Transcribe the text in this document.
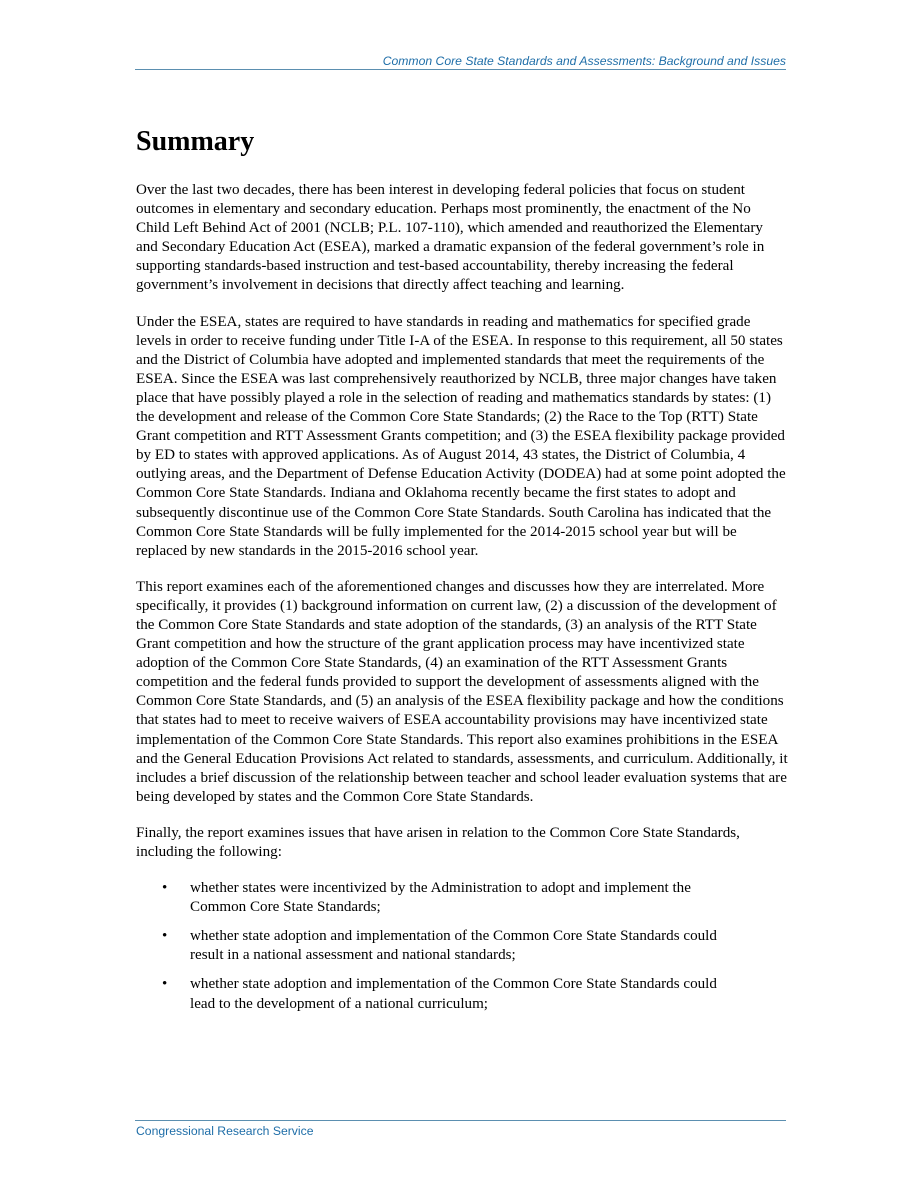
Common Core State Standards and Assessments: Background and Issues
Summary

Over the last two decades, there has been interest in developing federal policies that focus on student outcomes in elementary and secondary education. Perhaps most prominently, the enactment of the No Child Left Behind Act of 2001 (NCLB; P.L. 107-110), which amended and reauthorized the Elementary and Secondary Education Act (ESEA), marked a dramatic expansion of the federal government’s role in supporting standards-based instruction and test-based accountability, thereby increasing the federal government’s involvement in decisions that directly affect teaching and learning.

Under the ESEA, states are required to have standards in reading and mathematics for specified grade levels in order to receive funding under Title I-A of the ESEA. In response to this requirement, all 50 states and the District of Columbia have adopted and implemented standards that meet the requirements of the ESEA. Since the ESEA was last comprehensively reauthorized by NCLB, three major changes have taken place that have possibly played a role in the selection of reading and mathematics standards by states: (1) the development and release of the Common Core State Standards; (2) the Race to the Top (RTT) State Grant competition and RTT Assessment Grants competition; and (3) the ESEA flexibility package provided by ED to states with approved applications. As of August 2014, 43 states, the District of Columbia, 4 outlying areas, and the Department of Defense Education Activity (DODEA) had at some point adopted the Common Core State Standards. Indiana and Oklahoma recently became the first states to adopt and subsequently discontinue use of the Common Core State Standards. South Carolina has indicated that the Common Core State Standards will be fully implemented for the 2014-2015 school year but will be replaced by new standards in the 2015-2016 school year.

This report examines each of the aforementioned changes and discusses how they are interrelated. More specifically, it provides (1) background information on current law, (2) a discussion of the development of the Common Core State Standards and state adoption of the standards, (3) an analysis of the RTT State Grant competition and how the structure of the grant application process may have incentivized state adoption of the Common Core State Standards, (4) an examination of the RTT Assessment Grants competition and the federal funds provided to support the development of assessments aligned with the Common Core State Standards, and (5) an analysis of the ESEA flexibility package and how the conditions that states had to meet to receive waivers of ESEA accountability provisions may have incentivized state implementation of the Common Core State Standards. This report also examines prohibitions in the ESEA and the General Education Provisions Act related to standards, assessments, and curriculum. Additionally, it includes a brief discussion of the relationship between teacher and school leader evaluation systems that are being developed by states and the Common Core State Standards.

Finally, the report examines issues that have arisen in relation to the Common Core State Standards, including the following:

• whether states were incentivized by the Administration to adopt and implement the Common Core State Standards;
• whether state adoption and implementation of the Common Core State Standards could result in a national assessment and national standards;
• whether state adoption and implementation of the Common Core State Standards could lead to the development of a national curriculum;
Congressional Research Service
